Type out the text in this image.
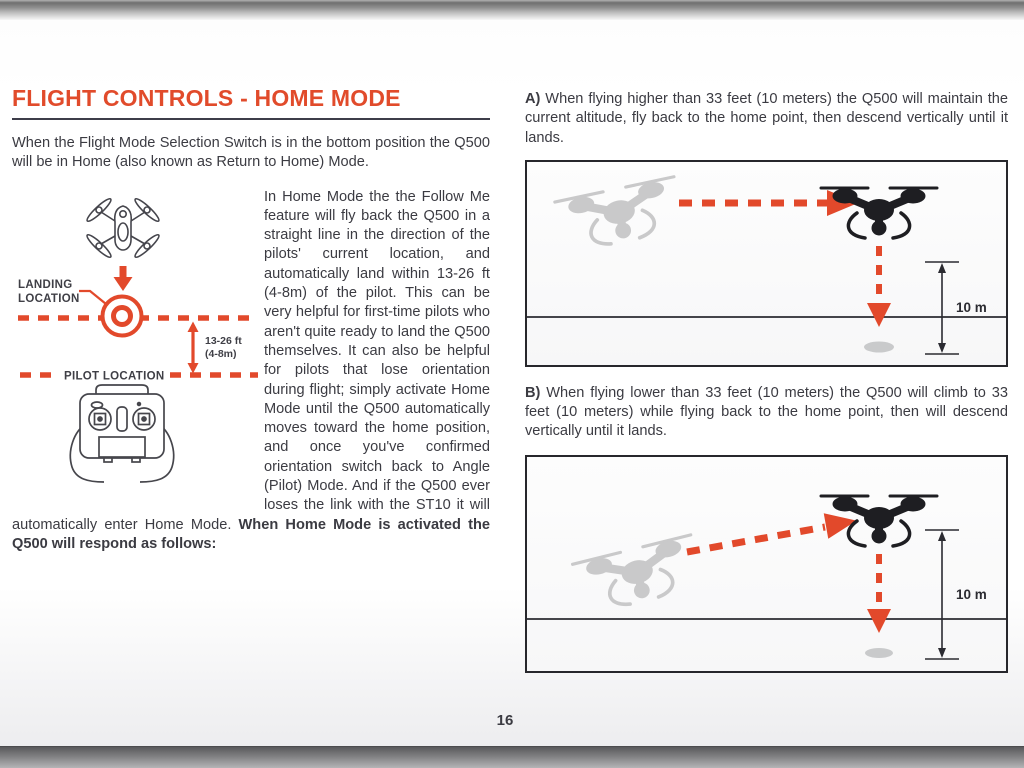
FLIGHT CONTROLS - HOME MODE

When the Flight Mode Selection Switch is in the bottom position the Q500 will be in Home (also known as Return to Home) Mode.

LANDING
LOCATION
13-26 ft
(4-8m)
PILOT LOCATION
In Home Mode the the Follow Me feature will fly back the Q500 in a straight line in the direction of the pilots' current location, and automatically land within 13-26 ft (4-8m) of the pilot. This can be very helpful for first-time pilots who aren't quite ready to land the Q500 themselves. It can also be helpful for pilots that lose orientation during flight; simply activate Home Mode until the Q500 automatically moves toward the home position, and once you've confirmed orientation switch back to Angle (Pilot) Mode. And if the Q500 ever loses the link with the ST10 it will automatically enter Home Mode. When Home Mode is activated the Q500 will respond as follows:

A) When flying higher than 33 feet (10 meters) the Q500 will maintain the current altitude, fly back to the home point, then descend vertically until it lands.

10 m

B) When flying lower than 33 feet (10 meters) the Q500 will climb to 33 feet (10 meters) while flying back to the home point, then will descend vertically until it lands.

10 m
16
